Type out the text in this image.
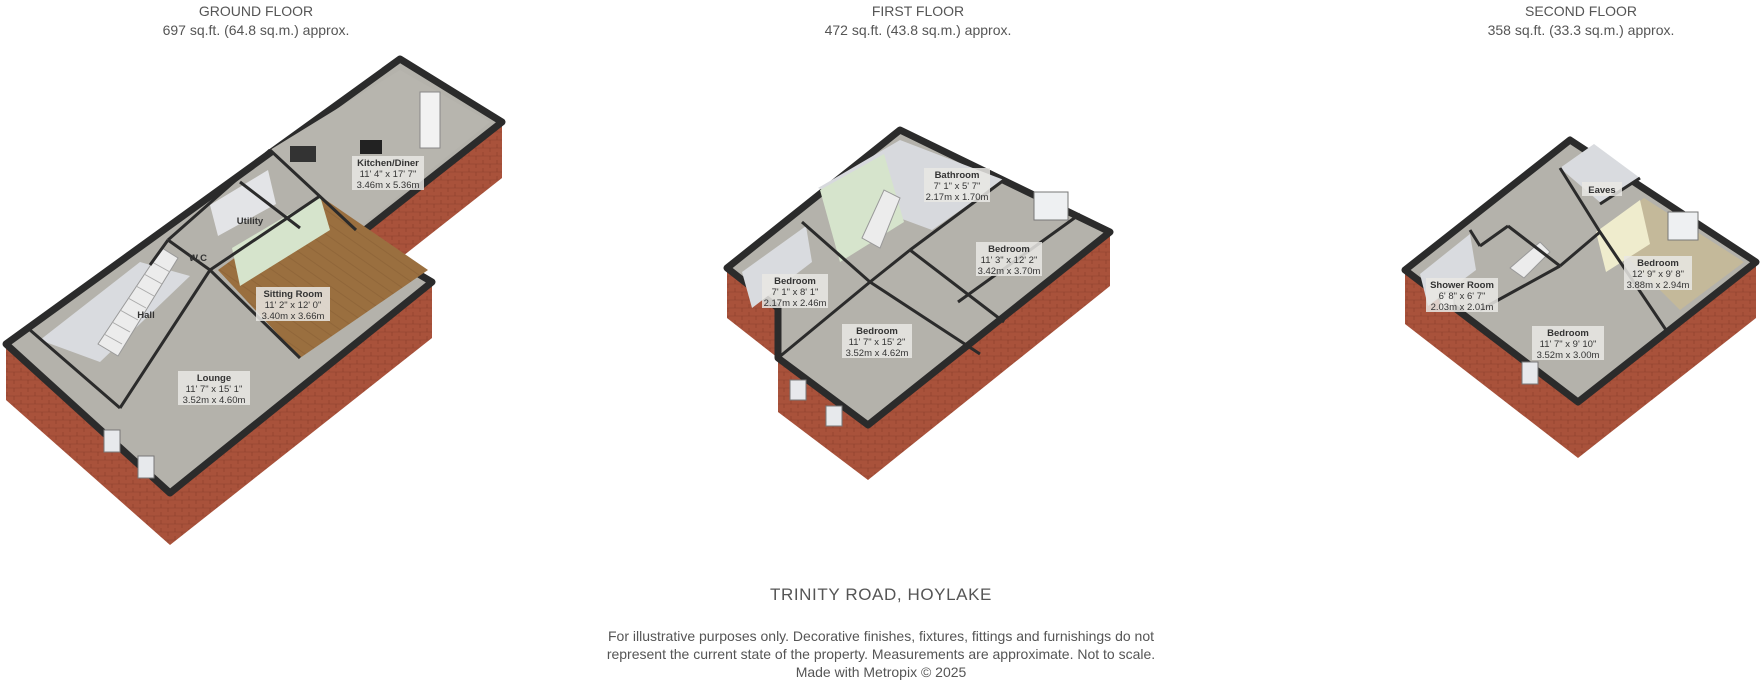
GROUND FLOOR
697 sq.ft. (64.8 sq.m.) approx.
FIRST FLOOR
472 sq.ft. (43.8 sq.m.) approx.
SECOND FLOOR
358 sq.ft. (33.3 sq.m.) approx.
Kitchen/Diner
11' 4" x 17' 7"
3.46m x 5.36m
Utility
W.C
Hall
Sitting Room
11' 2" x 12' 0"
3.40m x 3.66m
Lounge
11' 7" x 15' 1"
3.52m x 4.60m
Bathroom
7' 1" x 5' 7"
2.17m x 1.70m
Bedroom
11' 3" x 12' 2"
3.42m x 3.70m
Bedroom
7' 1" x 8' 1"
2.17m x 2.46m
Bedroom
11' 7" x 15' 2"
3.52m x 4.62m
Eaves
Bedroom
12' 9" x 9' 8"
3.88m x 2.94m
Shower Room
6' 8" x 6' 7"
2.03m x 2.01m
Bedroom
11' 7" x 9' 10"
3.52m x 3.00m
TRINITY ROAD, HOYLAKE
For illustrative purposes only. Decorative finishes, fixtures, fittings and furnishings do not
represent the current state of the property. Measurements are approximate. Not to scale.
Made with Metropix © 2025
